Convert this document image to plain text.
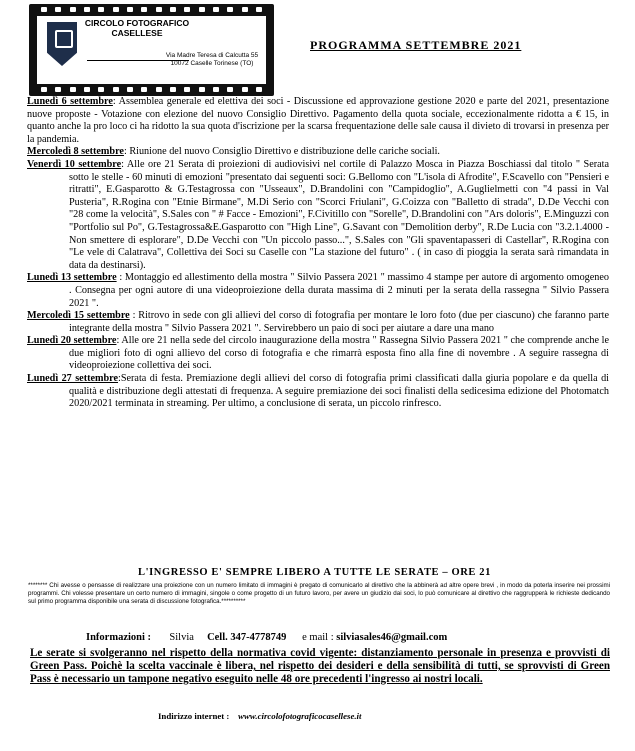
CIRCOLO FOTOGRAFICO CASELLESE
Via Madre Teresa di Calcutta 55
10072 Caselle Torinese (TO)
PROGRAMMA SETTEMBRE 2021

Lunedì 6 settembre: Assemblea generale ed elettiva dei soci - Discussione ed approvazione gestione 2020 e parte del 2021, presentazione nuove proposte - Votazione con elezione del nuovo Consiglio Direttivo. Pagamento della quota sociale, eccezionalmente ridotta a € 15, in quanto anche la pro loco ci ha ridotto la sua quota d'iscrizione per la scarsa frequentazione delle sale causa il divieto di trovarsi in presenza per la pandemia.

Mercoledì 8 settembre: Riunione del nuovo Consiglio Direttivo e distribuzione delle cariche sociali.

Venerdì 10 settembre: Alle ore 21 Serata di proiezioni di audiovisivi nel cortile di Palazzo Mosca in Piazza Boschiassi dal titolo " Serata sotto le stelle - 60 minuti di emozioni "presentato dai seguenti soci: G.Bellomo con "L'isola di Afrodite", F.Scavello con "Pensieri e ritratti", E.Gasparotto & G.Testagrossa con "Usseaux", D.Brandolini con "Campidoglio", A.Guglielmetti con "4 passi in Val Pusteria", R.Rogina con "Etnie Birmane", M.Di Serio con "Scorci Friulani", G.Coizza con "Balletto di strada", D.De Vecchi con "28 come la velocità", S.Sales con " # Facce - Emozioni", F.Civitillo con "Sorelle", D.Brandolini con "Ars doloris", E.Minguzzi con "Portfolio sul Po", G.Testagrossa&E.Gasparotto con "High Line", G.Savant con "Demolition derby", R.De Lucia con "3.2.1.4000 - Non smettere di esplorare", D.De Vecchi con "Un piccolo passo...", S.Sales con "Gli spaventapasseri di Castellar", R.Rogina con "Le vele di Calatrava", Collettiva dei Soci su Caselle con "La stazione del futuro" . ( in caso di pioggia la serata sarà rimandata in data da destinarsi).

Lunedì 13 settembre : Montaggio ed allestimento della mostra " Silvio Passera 2021 " massimo 4 stampe per autore di argomento omogeneo . Consegna per ogni autore di una videoproiezione della durata massima di 2 minuti per la serata della rassegna " Silvio Passera 2021 ".

Mercoledì 15 settembre : Ritrovo in sede con gli allievi del corso di fotografia per montare le loro foto (due per ciascuno) che faranno parte integrante della mostra " Silvio Passera 2021 ". Servirebbero un paio di soci per aiutare a dare una mano

Lunedì 20 settembre: Alle ore 21 nella sede del circolo inaugurazione della mostra " Rassegna Silvio Passera 2021 " che comprende anche le due migliori foto di ogni allievo del corso di fotografia e che rimarrà esposta fino alla fine di novembre . A seguire rassegna di videoproiezione collettiva dei soci.

Lunedì 27 settembre:Serata di festa. Premiazione degli allievi del corso di fotografia primi classificati dalla giuria popolare e da quella di qualità e distribuzione degli attestati di frequenza. A seguire premiazione dei soci finalisti della sedicesima edizione del Photomatch 2020/2021 terminata in streaming. Per ultimo, a conclusione di serata, un piccolo rinfresco.

L'INGRESSO E' SEMPRE LIBERO A TUTTE LE SERATE – ORE 21
******** Chi avesse o pensasse di realizzare una proiezione con un numero limitato di immagini è pregato di comunicarlo al direttivo che la abbinerà ad altre opere brevi , in modo da poterla inserire nei prossimi programmi. Chi volesse presentare un certo numero di immagini, singole o come progetto di un futuro lavoro, per avere un giudizio dai soci, lo può comunicare al direttivo che raggrupperà le richieste dedicando sul primo programma disponibile una serata di discussione fotografica.**********
Informazioni : Silvia Cell. 347-4778749 e mail : silviasales46@gmail.com
Le serate si svolgeranno nel rispetto della normativa covid vigente: distanziamento personale in presenza e provvisti di Green Pass. Poichè la scelta vaccinale è libera, nel rispetto dei desideri e della sensibilità di tutti, se sprovvisti di Green Pass è necessario un tampone negativo eseguito nelle 48 ore precedenti l'ingresso ai nostri locali.
Indirizzo internet : www.circolofotograficocasellese.it
